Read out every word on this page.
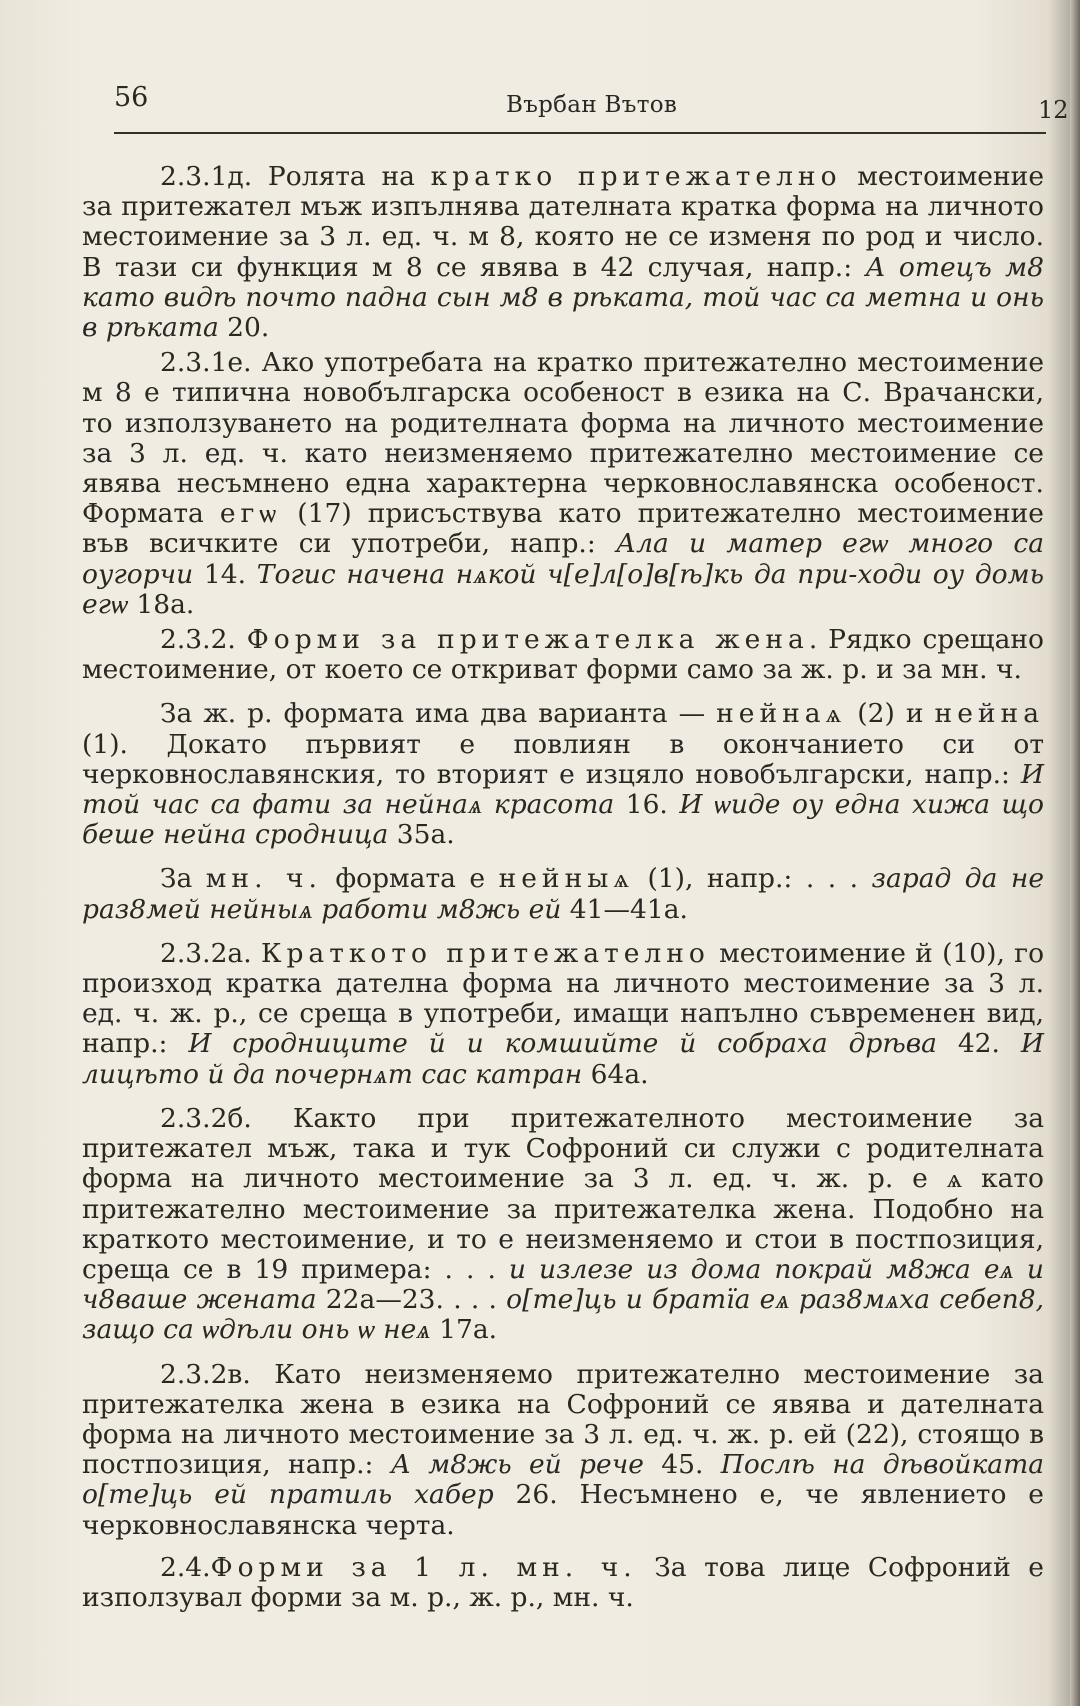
56	Върбан Вътов	12

2.3.1д. Ролята на кратко притежателно местоимение за притежател мъж изпълнява дателната кратка форма на личното местоимение за 3 л. ед. ч. м 8, която не се изменя по род и число. В тази си функция м 8 се явява в 42 случая, напр.: А отецъ м8 като видѣ почто падна сын м8 в рѣката, той час са метна и онь в рѣката 20.

2.3.1е. Ако употребата на кратко притежателно местоимение м 8 е типична новобългарска особеност в езика на С. Врачански, то използуването на родителната форма на личното местоимение за 3 л. ед. ч. като неизменяемо притежателно местоимение се явява несъмнено една характерна черковнославянска особеност. Формата егѡ (17) присъствува като притежателно местоимение във всичките си употреби, напр.: Ала и матер егѡ много са оугорчи 14. Тогис начена нѧкой ч[е]л[о]в[ѣ]кь да при-ходи оу домь егѡ 18а.

2.3.2. Форми за притежателка жена. Рядко срещано местоимение, от което се откриват форми само за ж. р. и за мн. ч.

За ж. р. формата има два варианта — нейнаѧ (2) и нейна (1). Докато първият е повлиян в окончанието си от черковнославянския, то вторият е изцяло новобългарски, напр.: И той час са фати за нейнаѧ красота 16. И ѡиде оу една хижа що беше нейна сродница 35а.

За мн. ч. формата е нейныѧ (1), напр.: . . . зарад да не раз8мей нейныѧ работи м8жь ей 41—41а.

2.3.2а. Краткото притежателно местоимение й (10), го произход кратка дателна форма на личното местоимение за 3 л. ед. ч. ж. р., се среща в употреби, имащи напълно съвременен вид, напр.: И сродниците й и комшийте й собраха дрѣва 42. И лицѣто й да почернѧт сас катран 64а.

2.3.2б. Както при притежателното местоимение за притежател мъж, така и тук Софроний си служи с родителната форма на личното местоимение за 3 л. ед. ч. ж. р. е ѧ като притежателно местоимение за притежателка жена. Подобно на краткото местоимение, и то е неизменяемо и стои в постпозиция, среща се в 19 примера: . . . и излезе из дома покрай м8жа еѧ и ч8ваше жената 22а—23. . . . о[те]ць и братїа еѧ раз8мѧха себеп8, защо са ѡдѣли онь ѡ неѧ 17а.

2.3.2в. Като неизменяемо притежателно местоимение за притежателка жена в езика на Софроний се явява и дателната форма на личното местоимение за 3 л. ед. ч. ж. р. ей (22), стоящо в постпозиция, напр.: А м8жь ей рече 45. Послѣ на дѣвойката о[те]ць ей пратиль хабер 26. Несъмнено е, че явлението е черковнославянска черта.

2.4.Форми за 1 л. мн. ч. За това лице Софроний е използувал форми за м. р., ж. р., мн. ч.
